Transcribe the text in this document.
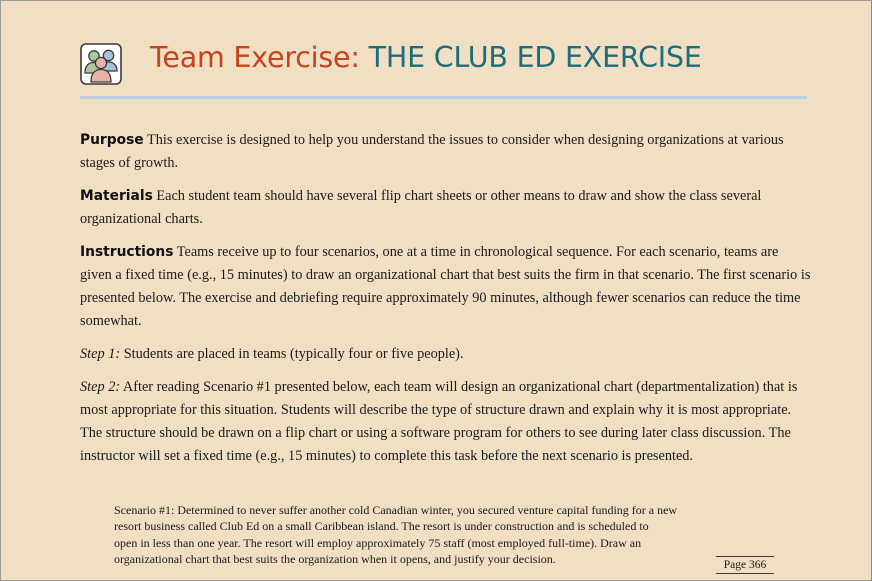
Team Exercise: THE CLUB ED EXERCISE

Purpose This exercise is designed to help you understand the issues to consider when designing organizations at various stages of growth.

Materials Each student team should have several flip chart sheets or other means to draw and show the class several organizational charts.

Instructions Teams receive up to four scenarios, one at a time in chronological sequence. For each scenario, teams are given a fixed time (e.g., 15 minutes) to draw an organizational chart that best suits the firm in that scenario. The first scenario is presented below. The exercise and debriefing require approximately 90 minutes, although fewer scenarios can reduce the time somewhat.

Step 1: Students are placed in teams (typically four or five people).

Step 2: After reading Scenario #1 presented below, each team will design an organizational chart (departmentalization) that is most appropriate for this situation. Students will describe the type of structure drawn and explain why it is most appropriate. The structure should be drawn on a flip chart or using a software program for others to see during later class discussion. The instructor will set a fixed time (e.g., 15 minutes) to complete this task before the next scenario is presented.

Scenario #1: Determined to never suffer another cold Canadian winter, you secured venture capital funding for a new
resort business called Club Ed on a small Caribbean island. The resort is under construction and is scheduled to
open in less than one year. The resort will employ approximately 75 staff (most employed full-time). Draw an
organizational chart that best suits the organization when it opens, and justify your decision.	Page 366
